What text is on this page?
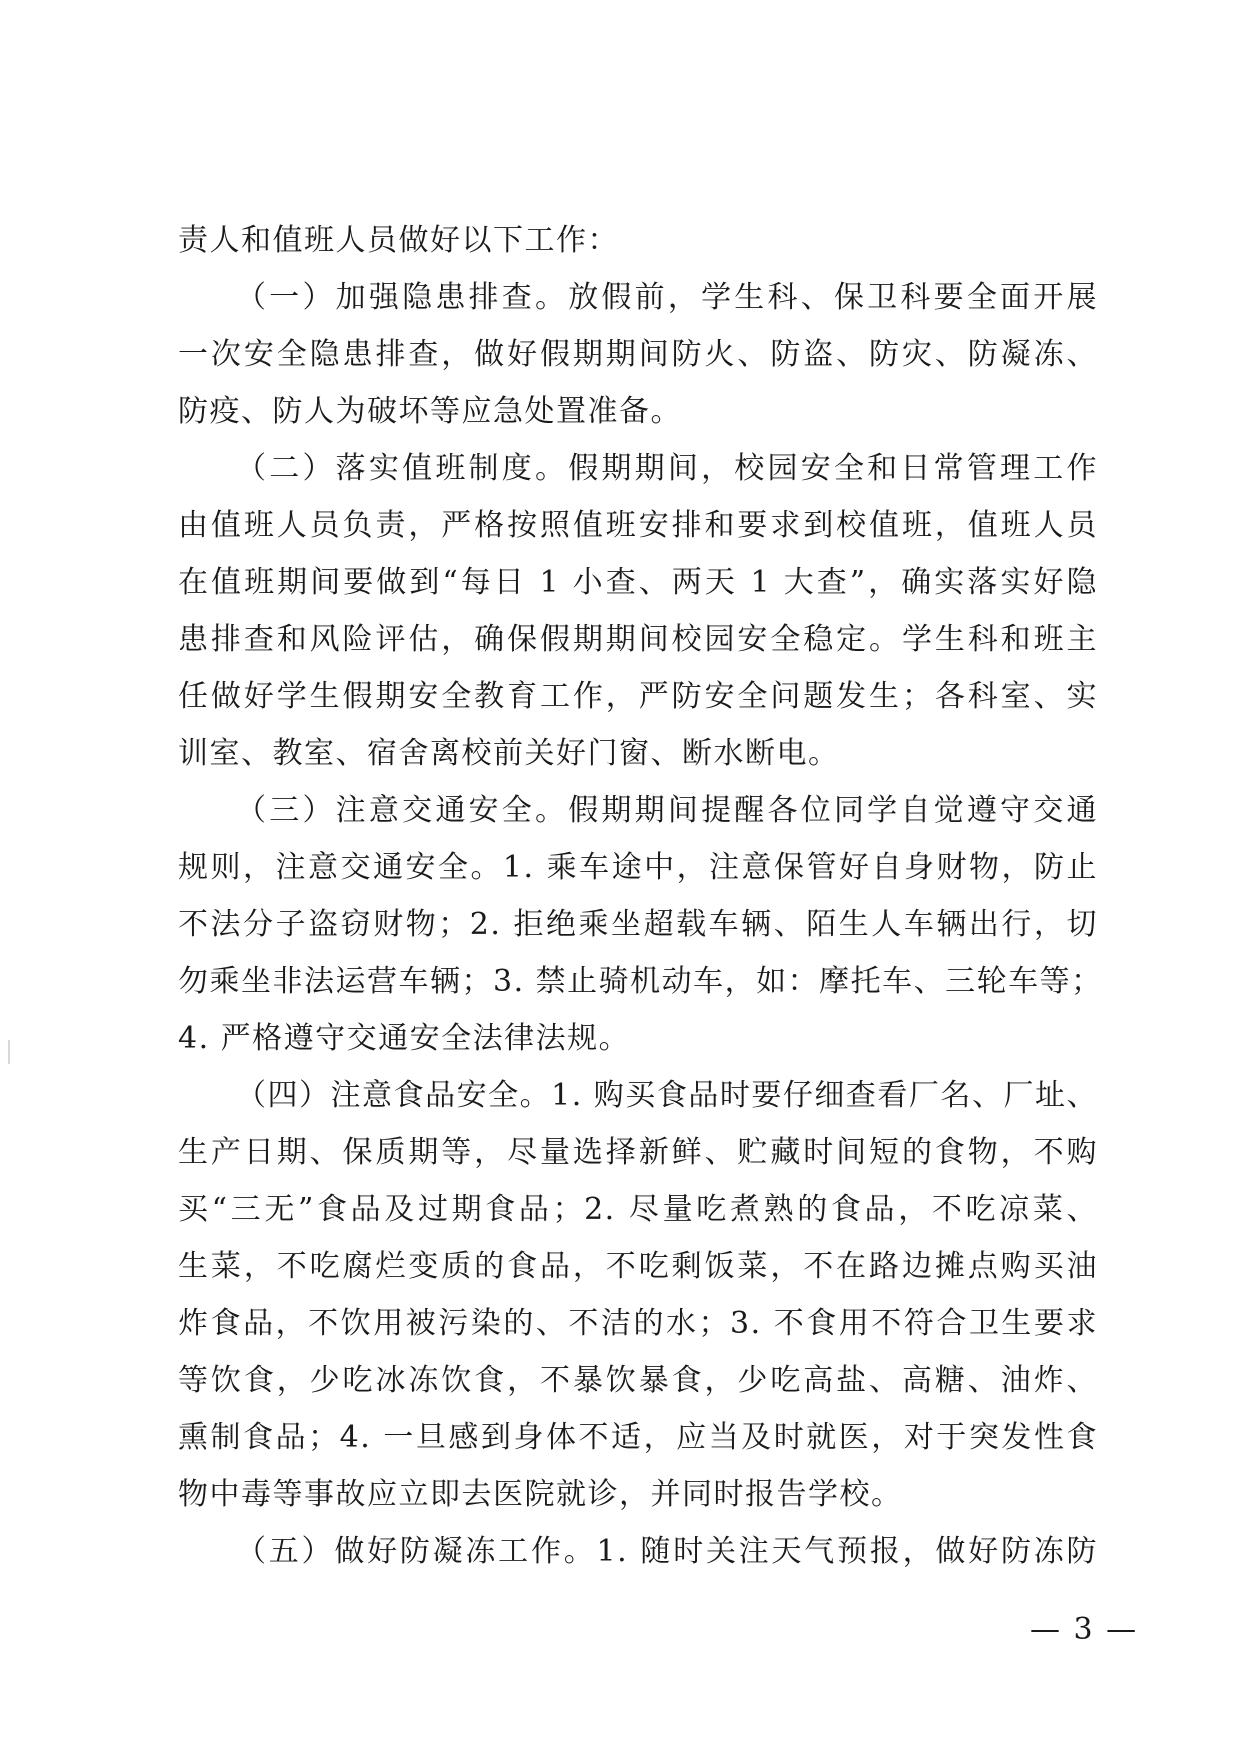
责人和值班人员做好以下工作：

（一）加强隐患排查。放假前，学生科、保卫科要全面开展

一次安全隐患排查，做好假期期间防火、防盗、防灾、防凝冻、

防疫、防人为破坏等应急处置准备。

（二）落实值班制度。假期期间，校园安全和日常管理工作

由值班人员负责，严格按照值班安排和要求到校值班，值班人员

在值班期间要做到“每日 1 小查、两天 1 大查”，确实落实好隐

患排查和风险评估，确保假期期间校园安全稳定。学生科和班主

任做好学生假期安全教育工作，严防安全问题发生；各科室、实

训室、教室、宿舍离校前关好门窗、断水断电。

（三）注意交通安全。假期期间提醒各位同学自觉遵守交通

规则，注意交通安全。1. 乘车途中，注意保管好自身财物，防止

不法分子盗窃财物；2. 拒绝乘坐超载车辆、陌生人车辆出行，切

勿乘坐非法运营车辆；3. 禁止骑机动车，如：摩托车、三轮车等；

4. 严格遵守交通安全法律法规。

（四）注意食品安全。1. 购买食品时要仔细查看厂名、厂址、

生产日期、保质期等，尽量选择新鲜、贮藏时间短的食物，不购

买“三无”食品及过期食品；2. 尽量吃煮熟的食品，不吃凉菜、

生菜，不吃腐烂变质的食品，不吃剩饭菜，不在路边摊点购买油

炸食品，不饮用被污染的、不洁的水；3. 不食用不符合卫生要求

等饮食，少吃冰冻饮食，不暴饮暴食，少吃高盐、高糖、油炸、

熏制食品；4. 一旦感到身体不适，应当及时就医，对于突发性食

物中毒等事故应立即去医院就诊，并同时报告学校。

（五）做好防凝冻工作。1. 随时关注天气预报，做好防冻防

— 3 —
